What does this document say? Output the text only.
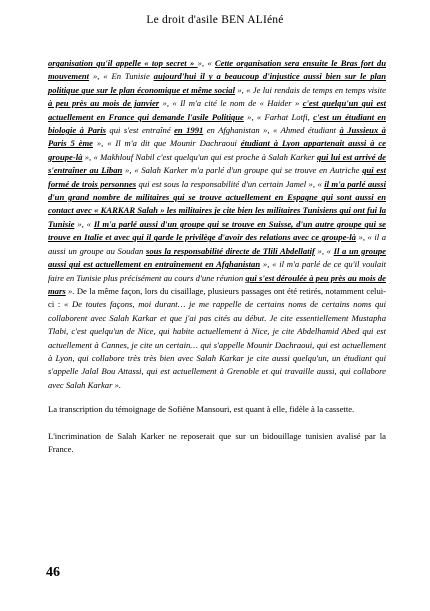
Le droit d'asile BEN ALIéné

organisation qu'il appelle « top secret » », « Cette organisation sera ensuite le Bras fort du mouvement », « En Tunisie aujourd'hui il y a beaucoup d'injustice aussi bien sur le plan politique que sur le plan économique et même social », « Je lui rendais de temps en temps visite à peu près au mois de janvier », « Il m'a cité le nom de « Haider » c'est quelqu'un qui est actuellement en France qui demande l'asile Politique », « Farhat Lotfi, c'est un étudiant en biologie à Paris qui s'est entraîné en 1991 en Afghanistan », « Ahmed étudiant à Jussieux à Paris 5 ème », « Il m'a dit que Mounir Dachraoui étudiant à Lyon appartenait aussi à ce groupe-là », « Makhlouf Nabil c'est quelqu'un qui est proche à Salah Karker qui lui est arrivé de s'entraîner au Liban », « Salah Karker m'a parlé d'un groupe qui se trouve en Autriche qui est formé de trois personnes qui est sous la responsabilité d'un certain Jamel », « il m'a parlé aussi d'un grand nombre de militaires qui se trouve actuellement en Espagne qui sont aussi en contact avec « KARKAR Salah » les militaires je cite bien les militaires Tunisiens qui ont fui la Tunisie », « Il m'a parlé aussi d'un groupe qui se trouve en Suisse, d'un autre groupe qui se trouve en Italie et avec qui il garde le privilège d'avoir des relations avec ce groupe-là », « il a aussi un groupe au Soudan sous la responsabilité directe de Tlili Abdellatif », « Il a un groupe aussi qui est actuellement en entraînement en Afghanistan », « il m'a parlé de ce qu'il voulait faire en Tunisie plus précisément au cours d'une réunion qui s'est déroulée à peu près au mois de mars ». De la même façon, lors du cisaillage, plusieurs passages ont été retirés, notamment celui-ci : « De toutes façons, moi durant… je me rappelle de certains noms de certains noms qui collaborent avec Salah Karkar et que j'ai pas cités au début. Je cite essentiellement Mustapha Tlabi, c'est quelqu'un de Nice, qui habite actuellement à Nice, je cite Abdelhamid Abed qui est actuellement à Cannes, je cite un certain… qui s'appelle Mounir Dachraoui, qui est actuellement à Lyon, qui collabore très très bien avec Salah Karkar je cite aussi quelqu'un, un étudiant qui s'appelle Jalal Bou Attassi, qui est actuellement à Grenoble et qui travaille aussi, qui collabore avec Salah Karkar ».

La transcription du témoignage de Sofiène Mansouri, est quant à elle, fidèle à la cassette.

L'incrimination de Salah Karker ne reposerait que sur un bidouillage tunisien avalisé par la France.

46
